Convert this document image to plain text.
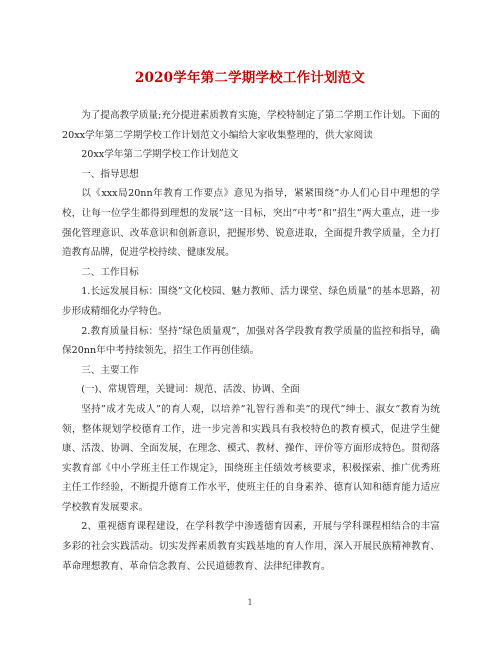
2020学年第二学期学校工作计划范文

为了提高教学质量;充分提进素质教育实施，学校特制定了第二学期工作计划。下面的20xx学年第二学期学校工作计划范文小编给大家收集整理的，供大家阅读

20xx学年第二学期学校工作计划范文

一、指导思想

以《xxx局20nn年教育工作要点》意见为指导，紧紧围绕”办人们心目中理想的学校，让每一位学生都得到理想的发展”这一目标，突出”中考”和”招生”两大重点，进一步强化管理意识、改革意识和创新意识，把握形势、锐意进取，全面提升教学质量，全力打造教育品牌，促进学校持续、健康发展。

二、工作目标

1.长远发展目标：围绕”文化校园、魅力教师、活力课堂、绿色质量”的基本思路，初步形成精细化办学特色。

2.教育质量目标：坚持”绿色质量观”，加强对各学段教育教学质量的监控和指导，确保20nn年中考持续领先，招生工作再创佳绩。

三、主要工作

(一)、常规管理，关键词：规范、活泼、协调、全面

坚持”成才先成人”的育人观，以培养”礼智行善和美”的现代”绅士、淑女”教育为统领，整体规划学校德育工作，进一步完善和实践具有我校特色的教育模式，促进学生健康、活泼、协调、全面发展，在理念、模式、教材、操作、评价等方面形成特色。贯彻落实教育部《中小学班主任工作规定》，围绕班主任绩效考核要求，积极探索、推广优秀班主任工作经验，不断提升德育工作水平，使班主任的自身素养、德育认知和德育能力适应学校教育发展要求。

2、重视德育课程建设，在学科教学中渗透德育因素，开展与学科课程相结合的丰富多彩的社会实践活动。切实发挥素质教育实践基地的育人作用，深入开展民族精神教育、革命理想教育、革命信念教育、公民道德教育、法律纪律教育。

1
